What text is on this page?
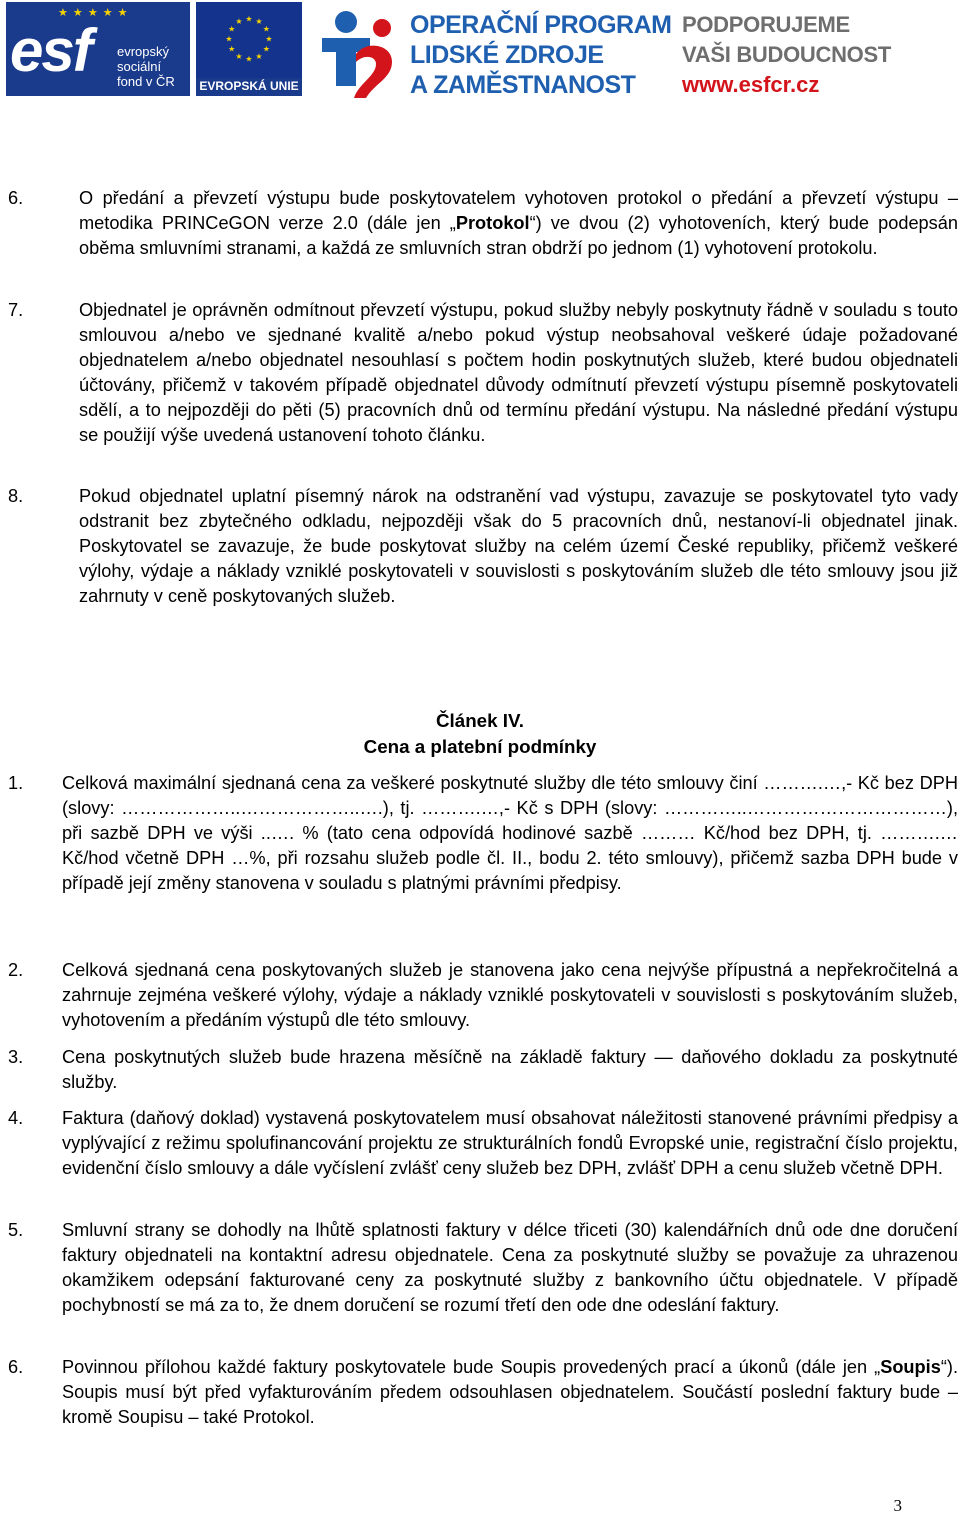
★ ★ ★ ★ ★
esf evropský
sociální
fond v ČR
★
★
★
★
★
★
★
★
★ ★ ★
★
EVROPSKÁ UNIE
OPERAČNÍ PROGRAM
LIDSKÉ ZDROJE
A ZAMĚSTNANOST
PODPORUJEME
VAŠI BUDOUCNOST
www.esfcr.cz
6.	O předání a převzetí výstupu bude poskytovatelem vyhotoven protokol o předání a převzetí výstupu – metodika PRINCeGON verze 2.0 (dále jen „Protokol“) ve dvou (2) vyhotoveních, který bude podepsán oběma smluvními stranami, a každá ze smluvních stran obdrží po jednom (1) vyhotovení protokolu.
7.	Objednatel je oprávněn odmítnout převzetí výstupu, pokud služby nebyly poskytnuty řádně v souladu s touto smlouvou a/nebo ve sjednané kvalitě a/nebo pokud výstup neobsahoval veškeré údaje požadované objednatelem a/nebo objednatel nesouhlasí s počtem hodin poskytnutých služeb, které budou objednateli účtovány, přičemž v takovém případě objednatel důvody odmítnutí převzetí výstupu písemně poskytovateli sdělí, a to nejpozději do pěti (5) pracovních dnů od termínu předání výstupu. Na následné předání výstupu se použijí výše uvedená ustanovení tohoto článku.
8.	Pokud objednatel uplatní písemný nárok na odstranění vad výstupu, zavazuje se poskytovatel tyto vady odstranit bez zbytečného odkladu, nejpozději však do 5 pracovních dnů, nestanoví-li objednatel jinak. Poskytovatel se zavazuje, že bude poskytovat služby na celém území České republiky, přičemž veškeré výlohy, výdaje a náklady vzniklé poskytovateli v souvislosti s poskytováním služeb dle této smlouvy jsou již zahrnuty v ceně poskytovaných služeb.
Článek IV.
Cena a platební podmínky
1.	Celková maximální sjednaná cena za veškeré poskytnuté služby dle této smlouvy činí ……….…,- Kč bez DPH (slovy: ………………..………………..….), tj. ……….…,- Kč s DPH (slovy: …………..……………………………), při sazbě DPH ve výši ..…. % (tato cena odpovídá hodinové sazbě ……… Kč/hod bez DPH, tj. ……….… Kč/hod včetně DPH …%, při rozsahu služeb podle čl. II., bodu 2. této smlouvy), přičemž sazba DPH bude v případě její změny stanovena v souladu s platnými právními předpisy.
2.	Celková sjednaná cena poskytovaných služeb je stanovena jako cena nejvýše přípustná a nepřekročitelná a zahrnuje zejména veškeré výlohy, výdaje a náklady vzniklé poskytovateli v souvislosti s poskytováním služeb, vyhotovením a předáním výstupů dle této smlouvy.
3.	Cena poskytnutých služeb bude hrazena měsíčně na základě faktury — daňového dokladu za poskytnuté služby.
4.	Faktura (daňový doklad) vystavená poskytovatelem musí obsahovat náležitosti stanovené právními předpisy a vyplývající z režimu spolufinancování projektu ze strukturálních fondů Evropské unie, registrační číslo projektu, evidenční číslo smlouvy a dále vyčíslení zvlášť ceny služeb bez DPH, zvlášť DPH a cenu služeb včetně DPH.
5.	Smluvní strany se dohodly na lhůtě splatnosti faktury v délce třiceti (30) kalendářních dnů ode dne doručení faktury objednateli na kontaktní adresu objednatele. Cena za poskytnuté služby se považuje za uhrazenou okamžikem odepsání fakturované ceny za poskytnuté služby z bankovního účtu objednatele. V případě pochybností se má za to, že dnem doručení se rozumí třetí den ode dne odeslání faktury.
6.	Povinnou přílohou každé faktury poskytovatele bude Soupis provedených prací a úkonů (dále jen „Soupis“). Soupis musí být před vyfakturováním předem odsouhlasen objednatelem. Součástí poslední faktury bude – kromě Soupisu – také Protokol.
3
